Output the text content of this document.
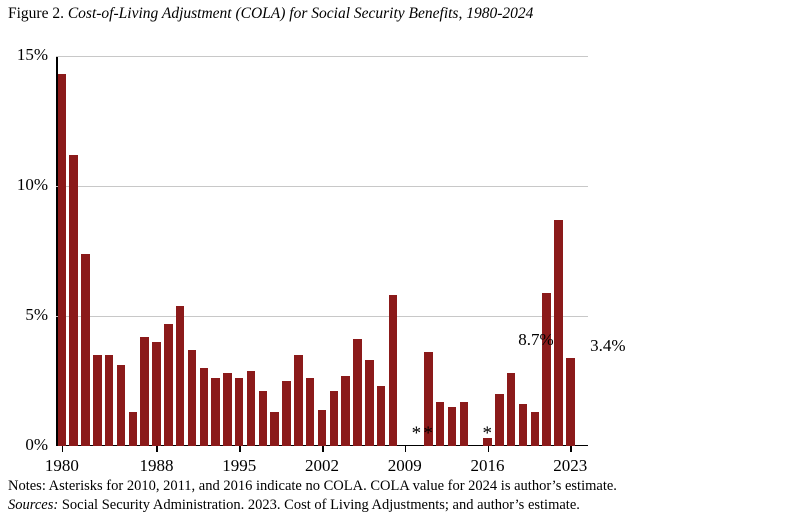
Figure 2. Cost-of-Living Adjustment (COLA) for Social Security Benefits, 1980-2024
0%
5%
10%
15%
* *	*
1980	1988	1995	2002	2009	2016	2023
8.7% 3.4%
Notes: Asterisks for 2010, 2011, and 2016 indicate no COLA. COLA value for 2024 is author’s estimate.
Sources: Social Security Administration. 2023. Cost of Living Adjustments; and author’s estimate.
